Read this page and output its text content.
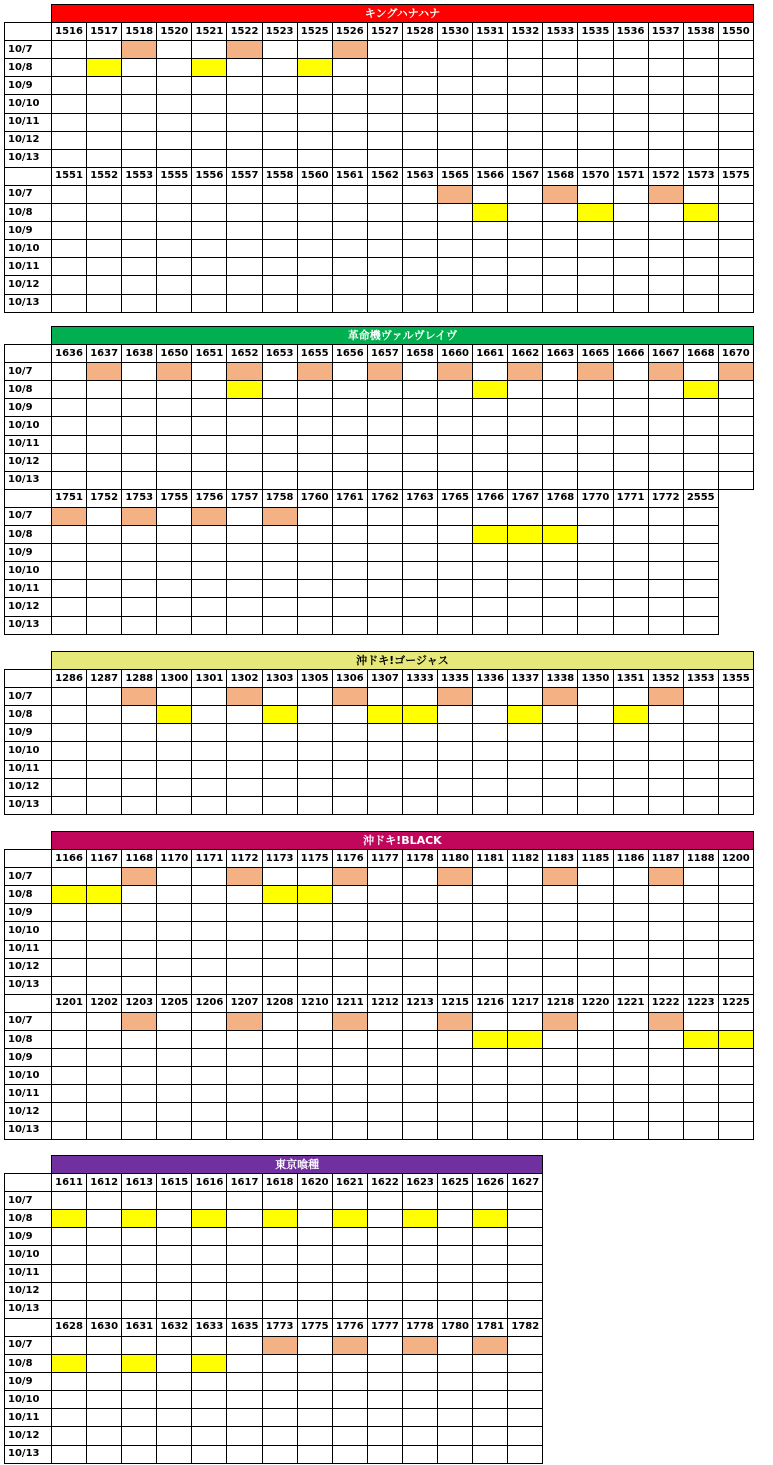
	キングハナハナ																			
	1516	1517	1518	1520	1521	1522	1523	1525	1526	1527	1528	1530	1531	1532	1533	1535	1536	1537	1538	1550
10/7																				
10/8																				
10/9																				
10/10																				
10/11																				
10/12																				
10/13																				
	1551	1552	1553	1555	1556	1557	1558	1560	1561	1562	1563	1565	1566	1567	1568	1570	1571	1572	1573	1575
10/7																				
10/8																				
10/9																				
10/10																				
10/11																				
10/12																				
10/13																				
	革命機ヴァルヴレイヴ																			
	1636	1637	1638	1650	1651	1652	1653	1655	1656	1657	1658	1660	1661	1662	1663	1665	1666	1667	1668	1670
10/7																				
10/8																				
10/9																				
10/10																				
10/11																				
10/12																				
10/13																				
	1751	1752	1753	1755	1756	1757	1758	1760	1761	1762	1763	1765	1766	1767	1768	1770	1771	1772	2555	
10/7																				
10/8																				
10/9																				
10/10																				
10/11																				
10/12																				
10/13																				
	沖ドキ!ゴージャス																			
	1286	1287	1288	1300	1301	1302	1303	1305	1306	1307	1333	1335	1336	1337	1338	1350	1351	1352	1353	1355
10/7																				
10/8																				
10/9																				
10/10																				
10/11																				
10/12																				
10/13																				
	沖ドキ!BLACK																			
	1166	1167	1168	1170	1171	1172	1173	1175	1176	1177	1178	1180	1181	1182	1183	1185	1186	1187	1188	1200
10/7																				
10/8																				
10/9																				
10/10																				
10/11																				
10/12																				
10/13																				
	1201	1202	1203	1205	1206	1207	1208	1210	1211	1212	1213	1215	1216	1217	1218	1220	1221	1222	1223	1225
10/7																				
10/8																				
10/9																				
10/10																				
10/11																				
10/12																				
10/13																				
	東京喰種													
	1611	1612	1613	1615	1616	1617	1618	1620	1621	1622	1623	1625	1626	1627
10/7														
10/8														
10/9														
10/10														
10/11														
10/12														
10/13														
	1628	1630	1631	1632	1633	1635	1773	1775	1776	1777	1778	1780	1781	1782
10/7														
10/8														
10/9														
10/10														
10/11														
10/12														
10/13														
